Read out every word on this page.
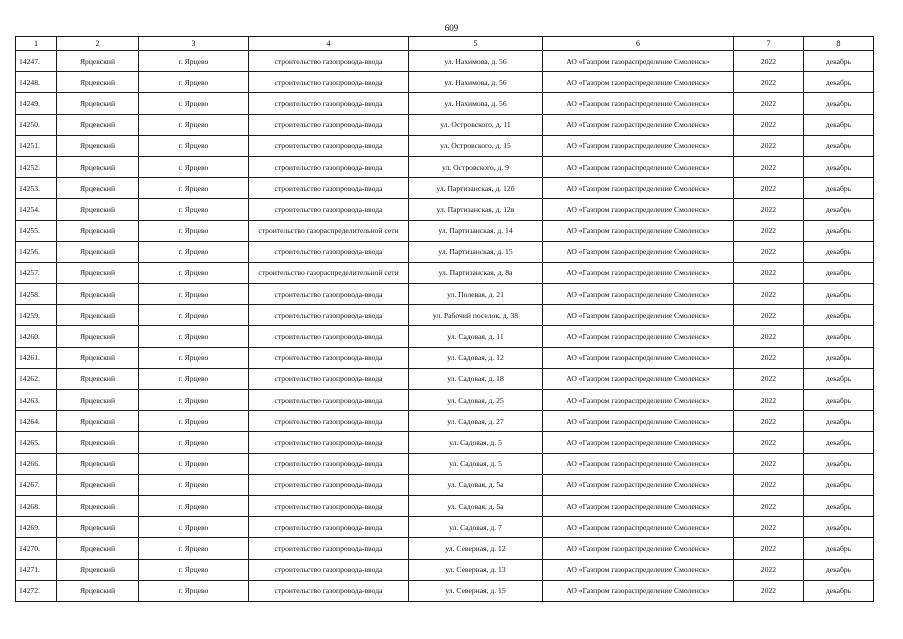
609
1	2	3	4	5	6	7	8
14247.	Ярцевский	г. Ярцево	строительство газопровода-ввода	ул. Нахимова, д. 56	АО «Газпром газораспределение Смоленск»	2022	декабрь
14248.	Ярцевский	г. Ярцево	строительство газопровода-ввода	ул. Нахимова, д. 56	АО «Газпром газораспределение Смоленск»	2022	декабрь
14249.	Ярцевский	г. Ярцево	строительство газопровода-ввода	ул. Нахимова, д. 56	АО «Газпром газораспределение Смоленск»	2022	декабрь
14250.	Ярцевский	г. Ярцево	строительство газопровода-ввода	ул. Островского, д. 11	АО «Газпром газораспределение Смоленск»	2022	декабрь
14251.	Ярцевский	г. Ярцево	строительство газопровода-ввода	ул. Островского, д. 15	АО «Газпром газораспределение Смоленск»	2022	декабрь
14252.	Ярцевский	г. Ярцево	строительство газопровода-ввода	ул. Островского, д. 9	АО «Газпром газораспределение Смоленск»	2022	декабрь
14253.	Ярцевский	г. Ярцево	строительство газопровода-ввода	ул. Партизанская, д. 12б	АО «Газпром газораспределение Смоленск»	2022	декабрь
14254.	Ярцевский	г. Ярцево	строительство газопровода-ввода	ул. Партизанская, д. 12в	АО «Газпром газораспределение Смоленск»	2022	декабрь
14255.	Ярцевский	г. Ярцево	строительство газораспределительной сети	ул. Партизанская, д. 14	АО «Газпром газораспределение Смоленск»	2022	декабрь
14256.	Ярцевский	г. Ярцево	строительство газопровода-ввода	ул. Партизанская, д. 15	АО «Газпром газораспределение Смоленск»	2022	декабрь
14257.	Ярцевский	г. Ярцево	строительство газораспределительной сети	ул. Партизанская, д. 8а	АО «Газпром газораспределение Смоленск»	2022	декабрь
14258.	Ярцевский	г. Ярцево	строительство газопровода-ввода	ул. Полевая, д. 21	АО «Газпром газораспределение Смоленск»	2022	декабрь
14259.	Ярцевский	г. Ярцево	строительство газопровода-ввода	ул. Рабочий поселок, д. 38	АО «Газпром газораспределение Смоленск»	2022	декабрь
14260.	Ярцевский	г. Ярцево	строительство газопровода-ввода	ул. Садовая, д. 11	АО «Газпром газораспределение Смоленск»	2022	декабрь
14261.	Ярцевский	г. Ярцево	строительство газопровода-ввода	ул. Садовая, д. 12	АО «Газпром газораспределение Смоленск»	2022	декабрь
14262.	Ярцевский	г. Ярцево	строительство газопровода-ввода	ул. Садовая, д. 18	АО «Газпром газораспределение Смоленск»	2022	декабрь
14263.	Ярцевский	г. Ярцево	строительство газопровода-ввода	ул. Садовая, д. 25	АО «Газпром газораспределение Смоленск»	2022	декабрь
14264.	Ярцевский	г. Ярцево	строительство газопровода-ввода	ул. Садовая, д. 27	АО «Газпром газораспределение Смоленск»	2022	декабрь
14265.	Ярцевский	г. Ярцево	строительство газопровода-ввода	ул. Садовая, д. 5	АО «Газпром газораспределение Смоленск»	2022	декабрь
14266.	Ярцевский	г. Ярцево	строительство газопровода-ввода	ул. Садовая, д. 5	АО «Газпром газораспределение Смоленск»	2022	декабрь
14267.	Ярцевский	г. Ярцево	строительство газопровода-ввода	ул. Садовая, д. 5а	АО «Газпром газораспределение Смоленск»	2022	декабрь
14268.	Ярцевский	г. Ярцево	строительство газопровода-ввода	ул. Садовая, д. 5а	АО «Газпром газораспределение Смоленск»	2022	декабрь
14269.	Ярцевский	г. Ярцево	строительство газопровода-ввода	ул. Садовая, д. 7	АО «Газпром газораспределение Смоленск»	2022	декабрь
14270.	Ярцевский	г. Ярцево	строительство газопровода-ввода	ул. Северная, д. 12	АО «Газпром газораспределение Смоленск»	2022	декабрь
14271.	Ярцевский	г. Ярцево	строительство газопровода-ввода	ул. Северная, д. 13	АО «Газпром газораспределение Смоленск»	2022	декабрь
14272.	Ярцевский	г. Ярцево	строительство газопровода-ввода	ул. Северная, д. 15	АО «Газпром газораспределение Смоленск»	2022	декабрь
